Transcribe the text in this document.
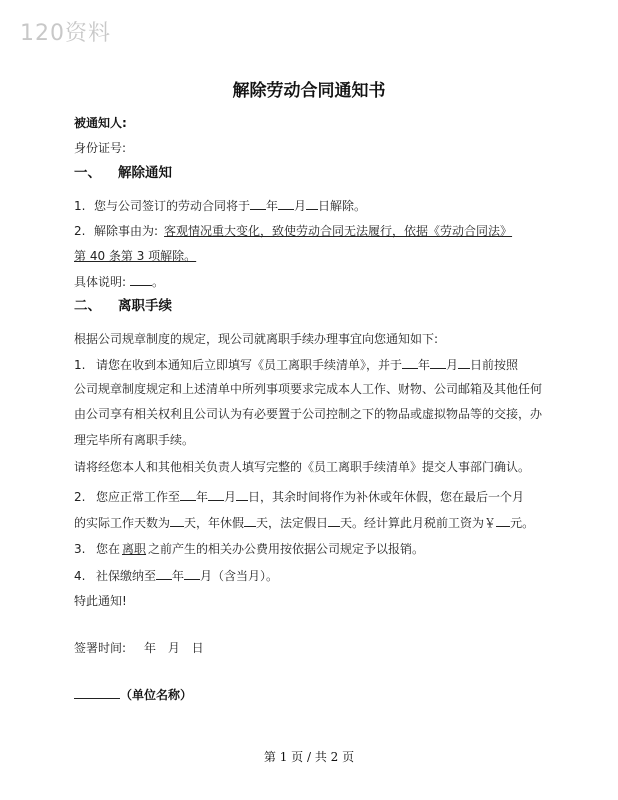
120资料
解除劳动合同通知书
被通知人:
身份证号:
一、 解除通知
1. 您与公司签订的劳动合同将于 年 月 日解除。
2. 解除事由为: 客观情况重大变化，致使劳动合同无法履行，依据《劳动合同法》
第 40 条第 3 项解除。
具体说明: 。
二、 离职手续
根据公司规章制度的规定，现公司就离职手续办理事宜向您通知如下:
1. 请您在收到本通知后立即填写《员工离职手续清单》，并于 年 月 日前按照
公司规章制度规定和上述清单中所列事项要求完成本人工作、财物、公司邮箱及其他任何
由公司享有相关权利且公司认为有必要置于公司控制之下的物品或虚拟物品等的交接，办
理完毕所有离职手续。
请将经您本人和其他相关负责人填写完整的《员工离职手续清单》提交人事部门确认。
2. 您应正常工作至 年 月 日，其余时间将作为补休或年休假，您在最后一个月
的实际工作天数为 天，年休假 天，法定假日 天。经计算此月税前工资为￥ 元。
3. 您在 离职 之前产生的相关办公费用按依据公司规定予以报销。
4. 社保缴纳至 年 月（含当月）。
特此通知!
签署时间: 年 月 日
（单位名称）
第 1 页 / 共 2 页
